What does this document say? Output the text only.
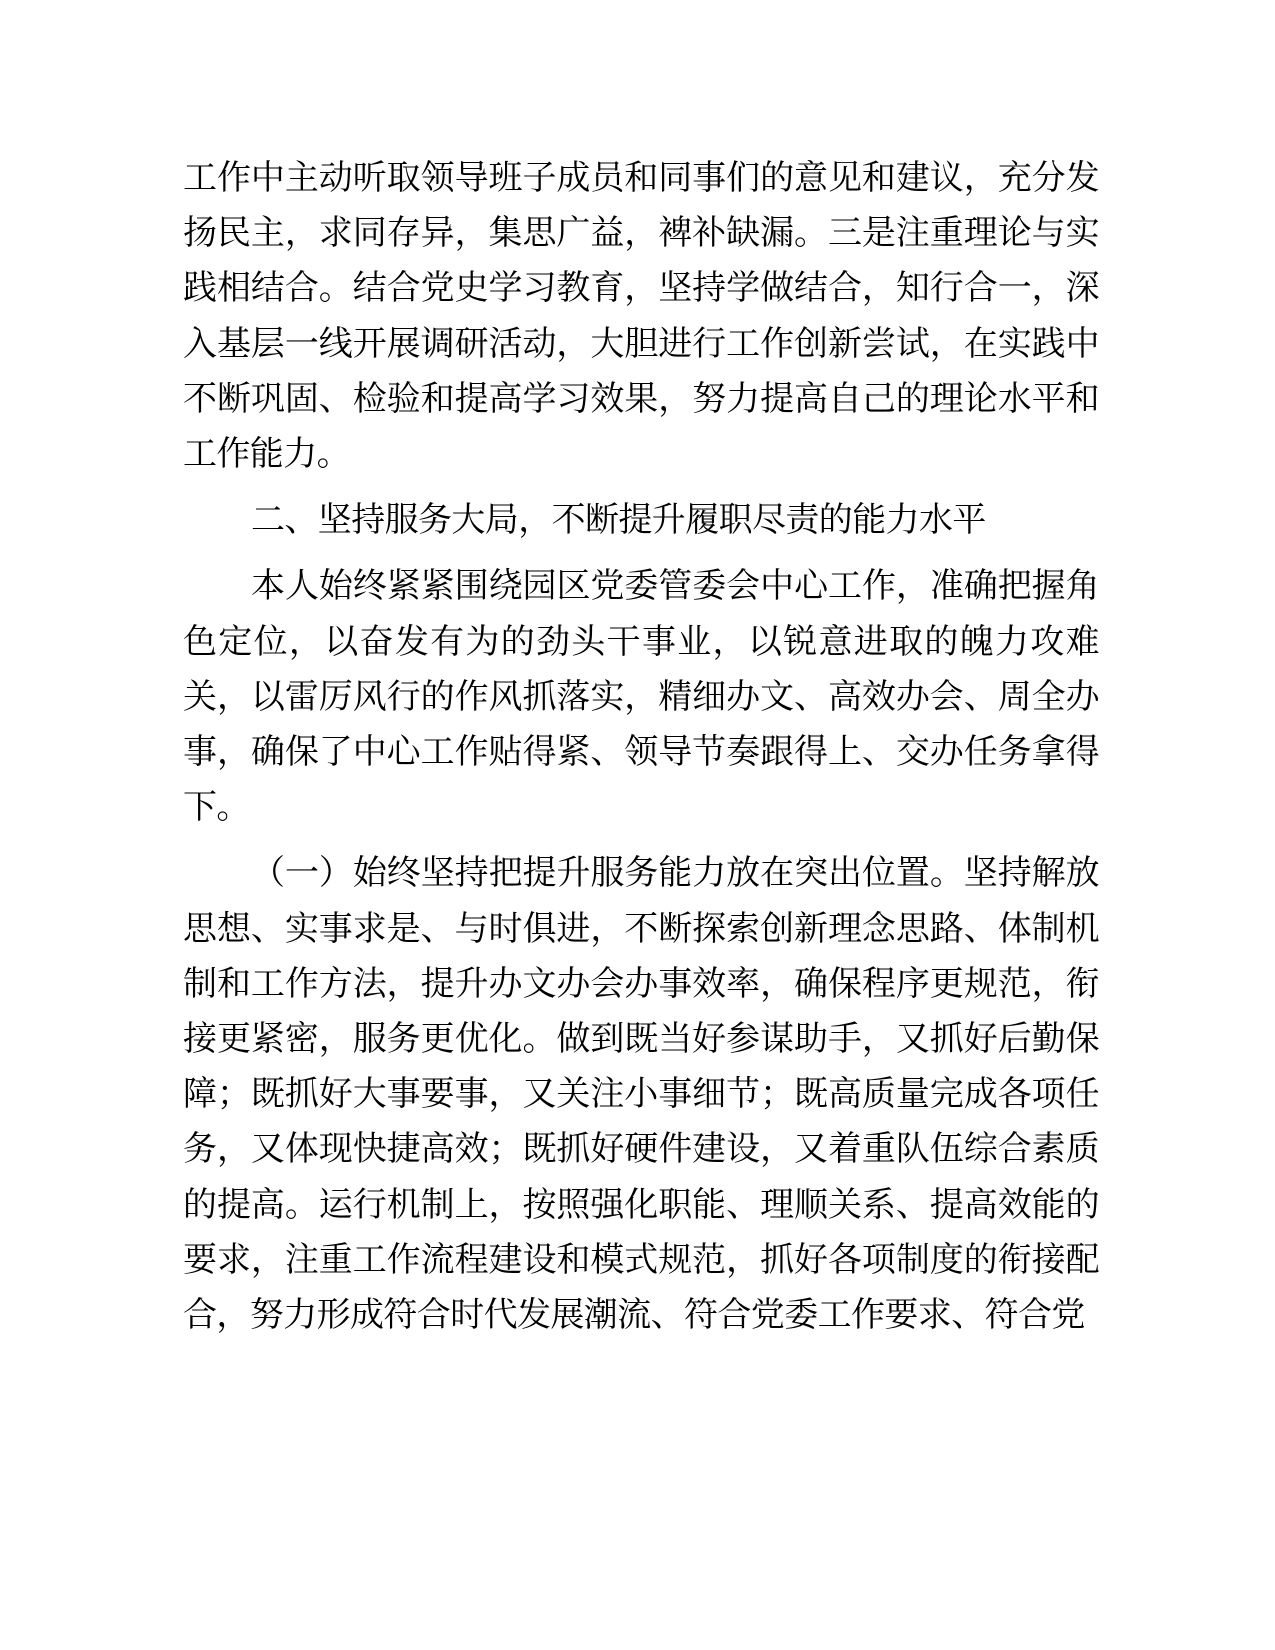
工作中主动听取领导班子成员和同事们的意见和建议，充分发扬民主，求同存异，集思广益，裨补缺漏。三是注重理论与实践相结合。结合党史学习教育，坚持学做结合，知行合一，深入基层一线开展调研活动，大胆进行工作创新尝试，在实践中不断巩固、检验和提高学习效果，努力提高自己的理论水平和工作能力。

二、坚持服务大局，不断提升履职尽责的能力水平

本人始终紧紧围绕园区党委管委会中心工作，准确把握角色定位，以奋发有为的劲头干事业，以锐意进取的魄力攻难关，以雷厉风行的作风抓落实，精细办文、高效办会、周全办事，确保了中心工作贴得紧、领导节奏跟得上、交办任务拿得下。

（一）始终坚持把提升服务能力放在突出位置。坚持解放思想、实事求是、与时俱进，不断探索创新理念思路、体制机制和工作方法，提升办文办会办事效率，确保程序更规范，衔接更紧密，服务更优化。做到既当好参谋助手，又抓好后勤保障；既抓好大事要事，又关注小事细节；既高质量完成各项任务，又体现快捷高效；既抓好硬件建设，又着重队伍综合素质的提高。运行机制上，按照强化职能、理顺关系、提高效能的要求，注重工作流程建设和模式规范，抓好各项制度的衔接配合，努力形成符合时代发展潮流、符合党委工作要求、符合党
